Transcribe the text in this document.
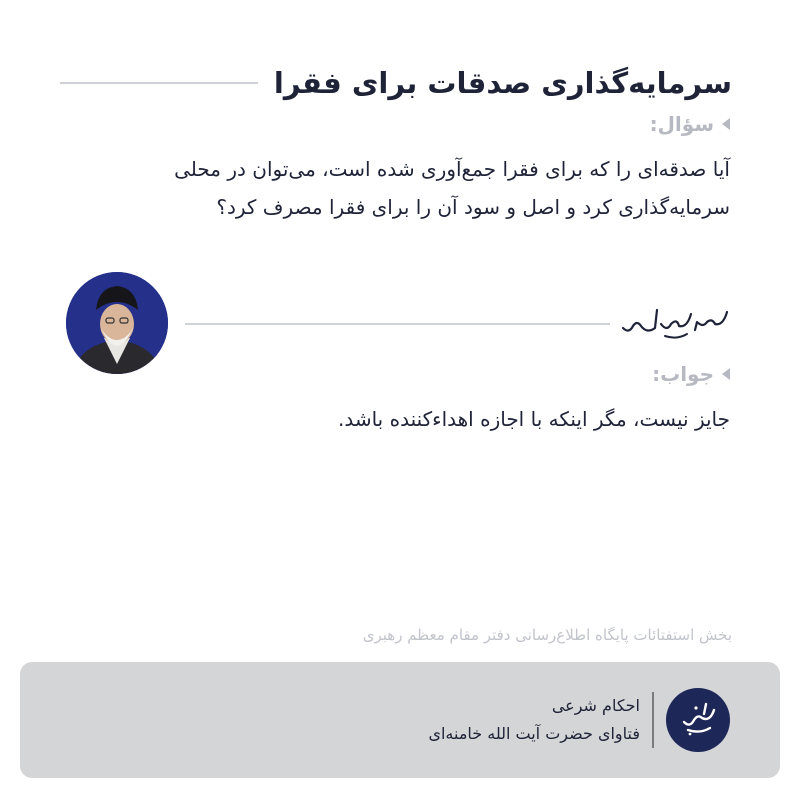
سرمایه‌گذاری صدقات برای فقرا
سؤال:
آیا صدقه‌ای را که برای فقرا جمع‌آوری شده است، می‌توان در محلی
سرمایه‌گذاری کرد و اصل و سود آن را برای فقرا مصرف کرد؟
جواب:
جایز نیست، مگر اینکه با اجازه اهداءکننده باشد.
بخش استفتائات پایگاه اطلاع‌رسانی دفتر مقام معظم رهبری
احکام شرعی
فتاوای حضرت آیت الله خامنه‌ای
